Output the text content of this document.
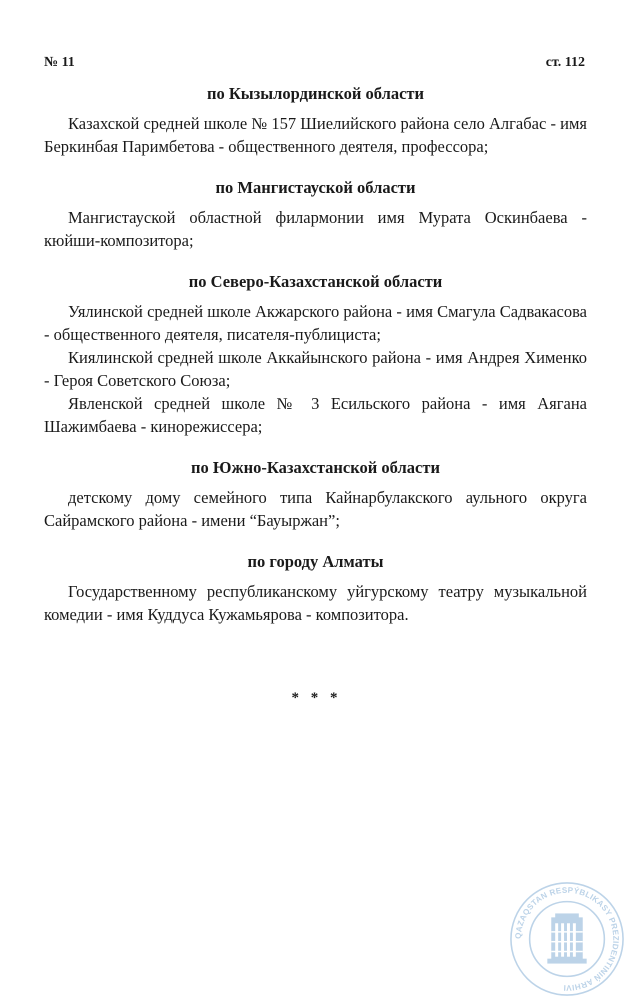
№ 11	ст. 112

по Кызылординской области

Казахской средней школе № 157 Шиелийского района село Алгабас - имя Беркинбая Паримбетова - общественного деятеля, профессора;

по Мангистауской области

Мангистауской областной филармонии имя Мурата Оскинбаева - кюйши-композитора;

по Северо-Казахстанской области

Уялинской средней школе Акжарского района - имя Смагула Садвакасова - общественного деятеля, писателя-публициста;

Киялинской средней школе Аккайынского района - имя Андрея Хименко - Героя Советского Союза;

Явленской средней школе № 3 Есильского района - имя Аягана Шажимбаева - кинорежиссера;

по Южно-Казахстанской области

детскому дому семейного типа Кайнарбулакского аульного округа Сайрамского района - имени “Бауыржан”;

по городу Алматы

Государственному республиканскому уйгурскому театру музыкальной комедии - имя Куддуса Кужамьярова - композитора.

* * *
QAZAQSTAN RESPÝBLIKASY PREZIDENTINIŃ ARHIVI
